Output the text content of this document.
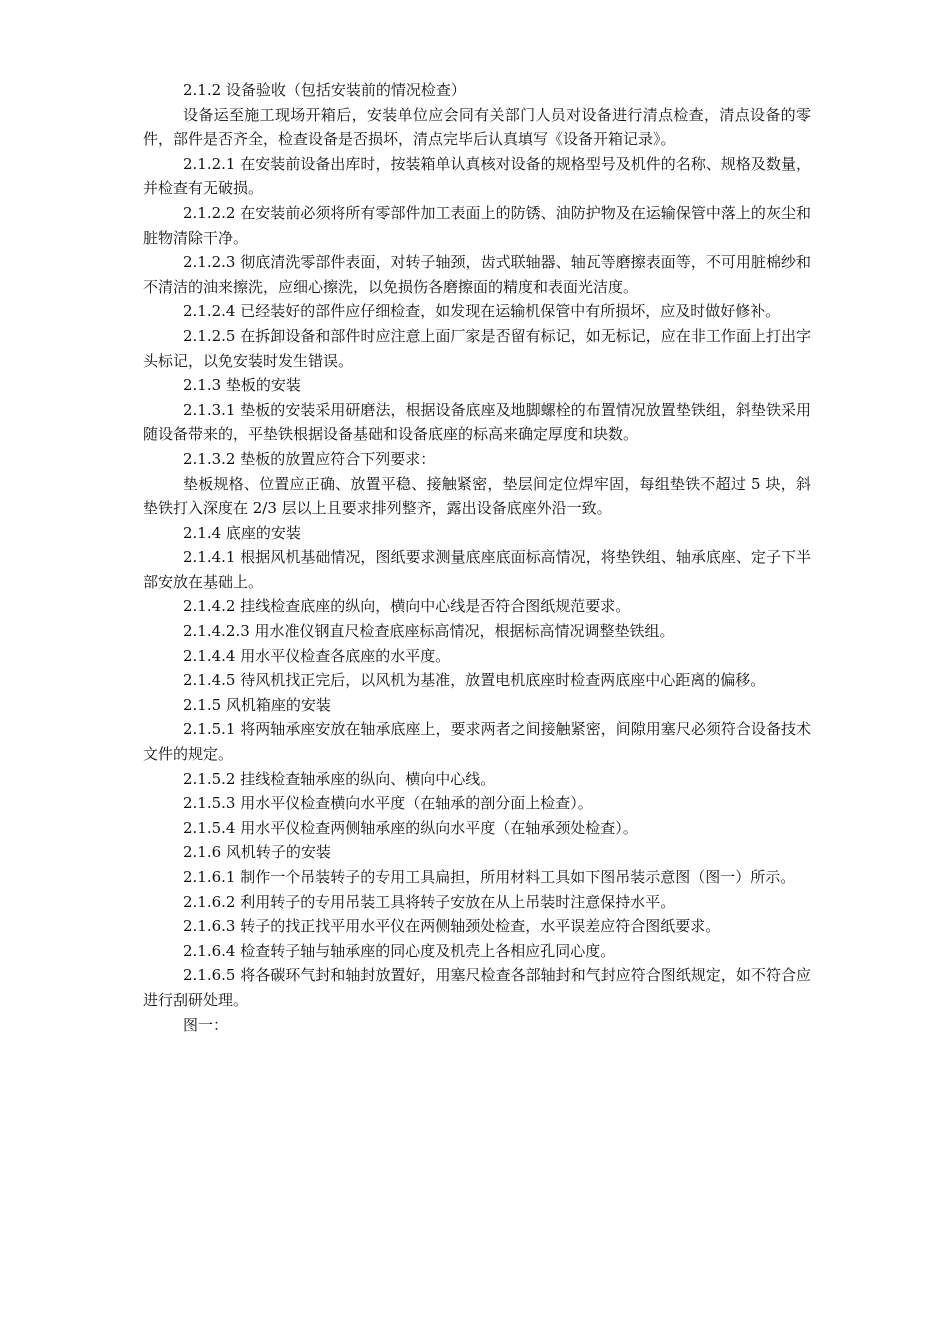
2.1.2 设备验收（包括安装前的情况检查）

设备运至施工现场开箱后，安装单位应会同有关部门人员对设备进行清点检查，清点设备的零件，部件是否齐全，检查设备是否损坏，清点完毕后认真填写《设备开箱记录》。

2.1.2.1 在安装前设备出库时，按装箱单认真核对设备的规格型号及机件的名称、规格及数量，并检查有无破损。

2.1.2.2 在安装前必须将所有零部件加工表面上的防锈、油防护物及在运输保管中落上的灰尘和脏物清除干净。

2.1.2.3 彻底清洗零部件表面，对转子轴颈，齿式联轴器、轴瓦等磨擦表面等，不可用脏棉纱和不清洁的油来擦洗，应细心擦洗，以免损伤各磨擦面的精度和表面光洁度。

2.1.2.4 已经装好的部件应仔细检查，如发现在运输机保管中有所损坏，应及时做好修补。

2.1.2.5 在拆卸设备和部件时应注意上面厂家是否留有标记，如无标记，应在非工作面上打出字头标记，以免安装时发生错误。

2.1.3 垫板的安装

2.1.3.1 垫板的安装采用研磨法，根据设备底座及地脚螺栓的布置情况放置垫铁组，斜垫铁采用随设备带来的，平垫铁根据设备基础和设备底座的标高来确定厚度和块数。

2.1.3.2 垫板的放置应符合下列要求：

垫板规格、位置应正确、放置平稳、接触紧密，垫层间定位焊牢固，每组垫铁不超过 5 块，斜垫铁打入深度在 2/3 层以上且要求排列整齐，露出设备底座外沿一致。

2.1.4 底座的安装

2.1.4.1 根据风机基础情况，图纸要求测量底座底面标高情况，将垫铁组、轴承底座、定子下半部安放在基础上。

2.1.4.2 挂线检查底座的纵向，横向中心线是否符合图纸规范要求。

2.1.4.2.3 用水准仪钢直尺检查底座标高情况，根据标高情况调整垫铁组。

2.1.4.4 用水平仪检查各底座的水平度。

2.1.4.5 待风机找正完后，以风机为基准，放置电机底座时检查两底座中心距离的偏移。

2.1.5 风机箱座的安装

2.1.5.1 将两轴承座安放在轴承底座上，要求两者之间接触紧密，间隙用塞尺必须符合设备技术文件的规定。

2.1.5.2 挂线检查轴承座的纵向、横向中心线。

2.1.5.3 用水平仪检查横向水平度（在轴承的剖分面上检查）。

2.1.5.4 用水平仪检查两侧轴承座的纵向水平度（在轴承颈处检查）。

2.1.6 风机转子的安装

2.1.6.1 制作一个吊装转子的专用工具扁担，所用材料工具如下图吊装示意图（图一）所示。

2.1.6.2 利用转子的专用吊装工具将转子安放在从上吊装时注意保持水平。

2.1.6.3 转子的找正找平用水平仪在两侧轴颈处检查，水平误差应符合图纸要求。

2.1.6.4 检查转子轴与轴承座的同心度及机壳上各相应孔同心度。

2.1.6.5 将各碳环气封和轴封放置好，用塞尺检查各部轴封和气封应符合图纸规定，如不符合应进行刮研处理。

图一：
